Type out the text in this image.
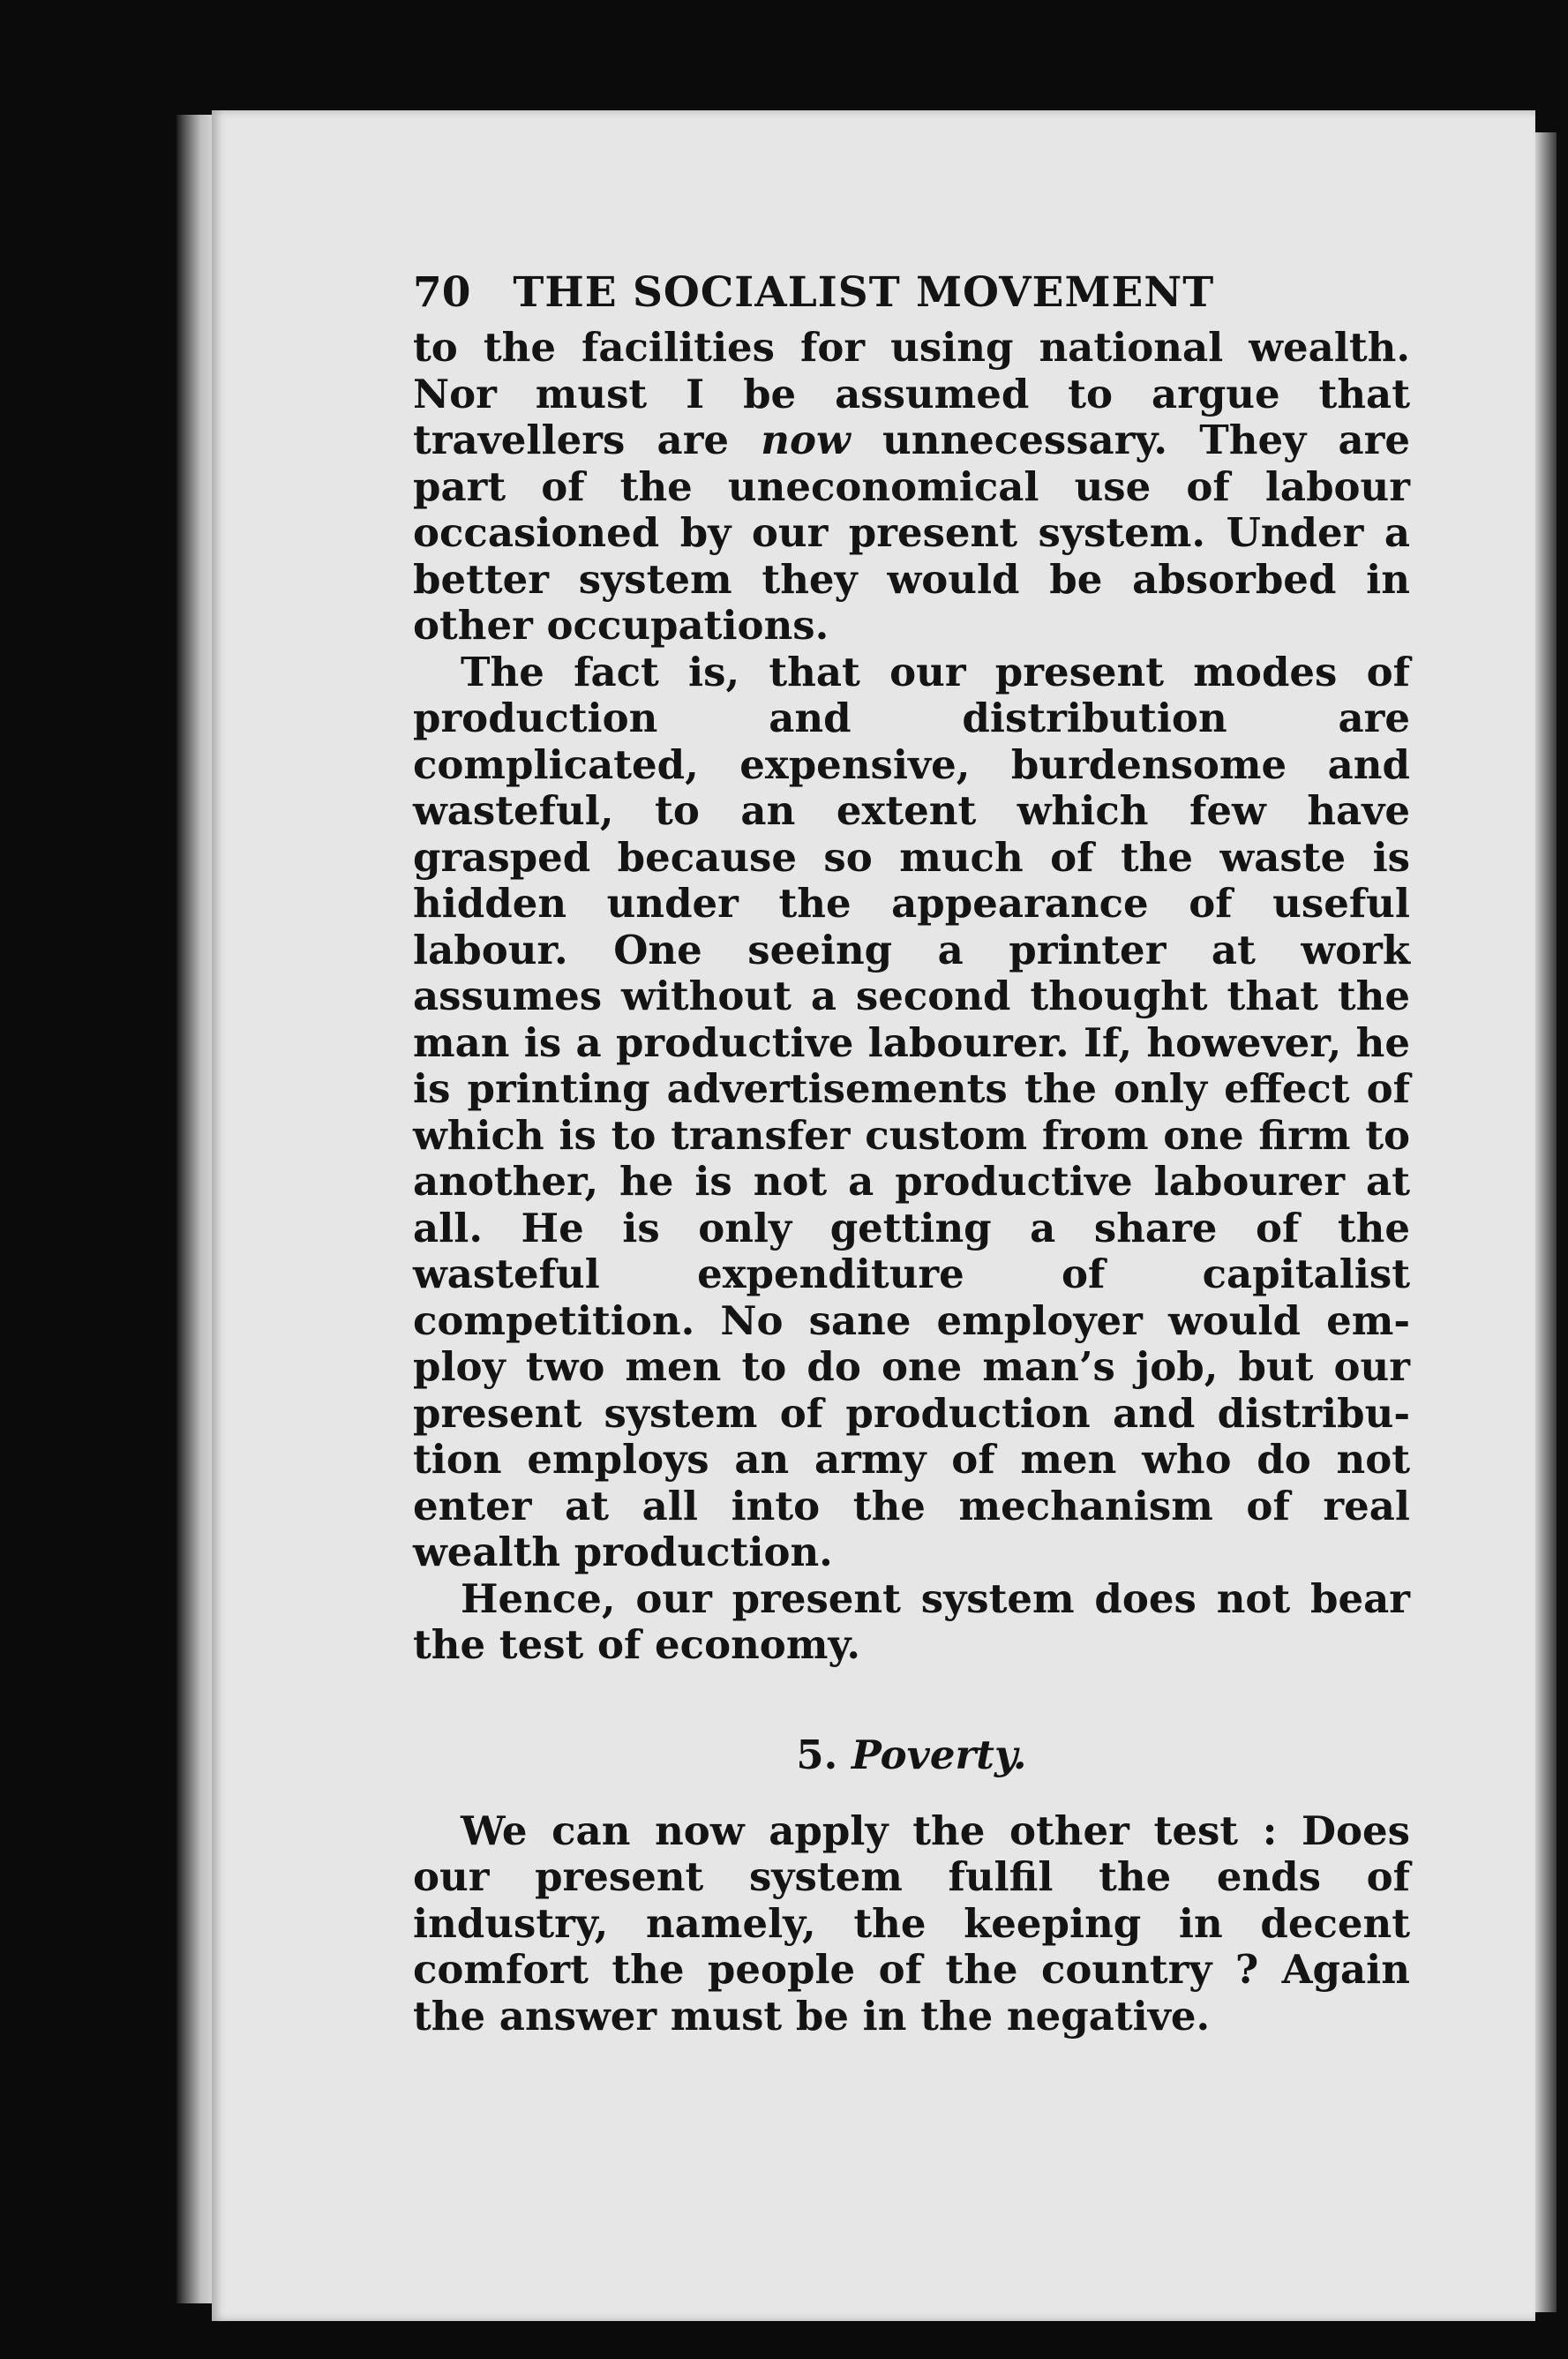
70 THE SOCIALIST MOVEMENT

to the facilities for using national wealth. Nor must I be assumed to argue that travellers are now unnecessary. They are part of the uneconomical use of labour occasioned by our present system. Under a better system they would be absorbed in other occupations.

The fact is, that our present modes of production and distribution are complicated, expensive, burdensome and wasteful, to an extent which few have grasped because so much of the waste is hidden under the appearance of useful labour. One seeing a printer at work assumes without a second thought that the man is a productive labourer. If, however, he is printing advertisements the only effect of which is to transfer custom from one firm to another, he is not a productive labourer at all. He is only getting a share of the wasteful expenditure of capitalist competition. No sane employer would employ two men to do one man’s job, but our present system of production and distribution employs an army of men who do not enter at all into the mechanism of real wealth production.

Hence, our present system does not bear the test of economy.

5. Poverty.

We can now apply the other test : Does our present system fulfil the ends of industry, namely, the keeping in decent comfort the people of the country ? Again the answer must be in the negative.
